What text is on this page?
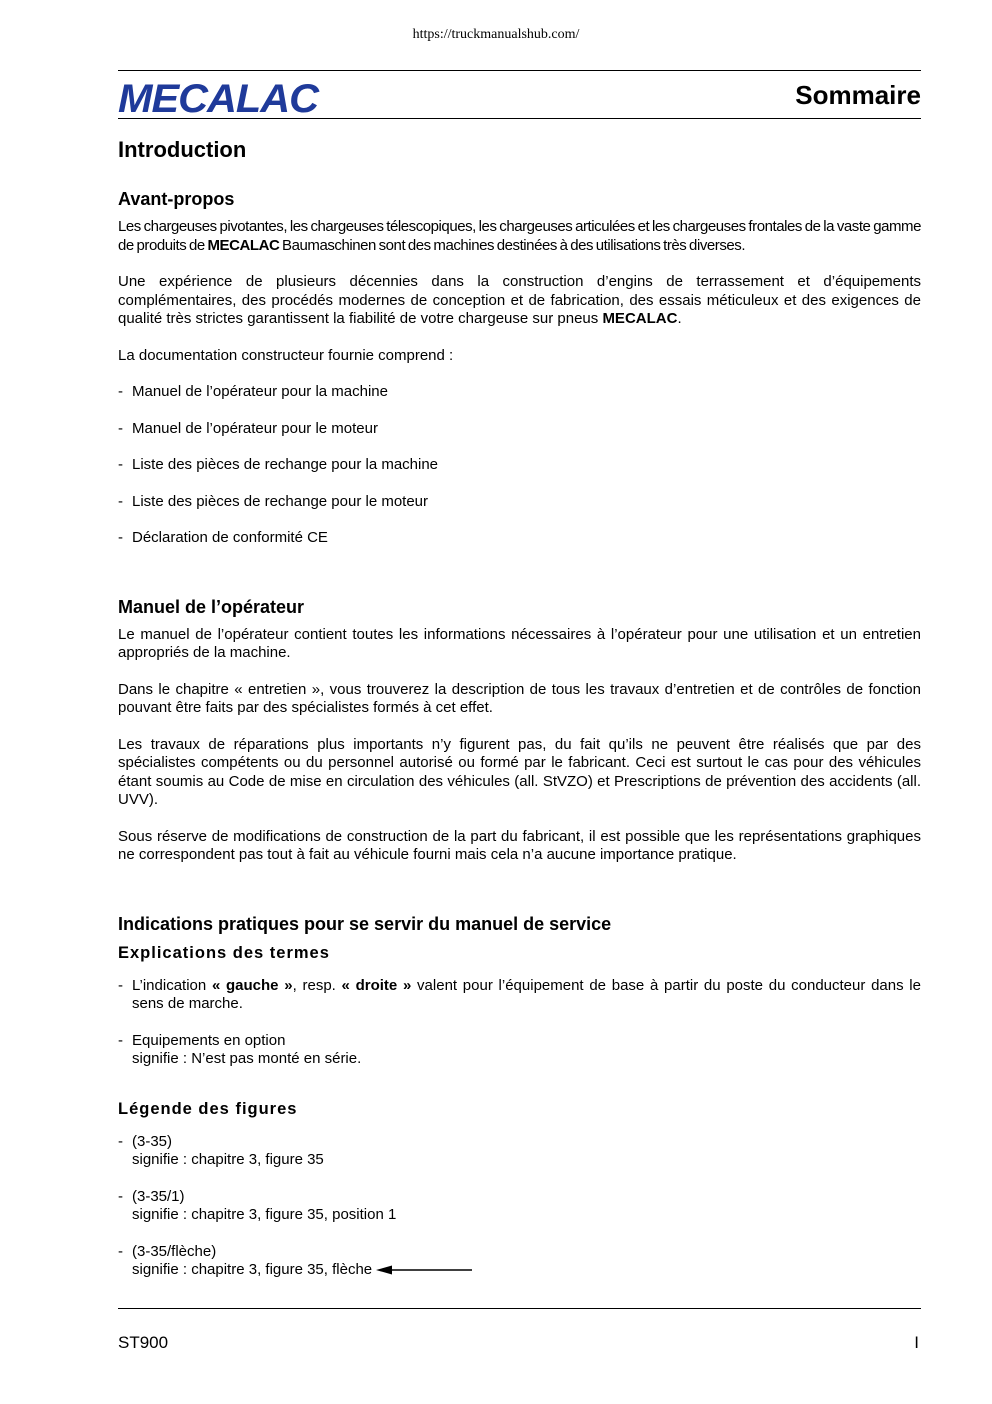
https://truckmanualshub.com/
MECALAC	Sommaire
Introduction
Avant-propos

Les chargeuses pivotantes, les chargeuses télescopiques, les chargeuses articulées et les chargeuses frontales de la vaste gamme de produits de MECALAC Baumaschinen sont des machines destinées à des utilisations très diverses.

Une expérience de plusieurs décennies dans la construction d’engins de terrassement et d’équipements complémentaires, des procédés modernes de conception et de fabrication, des essais méticuleux et des exigences de qualité très strictes garantissent la fiabilité de votre chargeuse sur pneus MECALAC.

La documentation constructeur fournie comprend :

- Manuel de l’opérateur pour la machine
- Manuel de l’opérateur pour le moteur
- Liste des pièces de rechange pour la machine
- Liste des pièces de rechange pour le moteur
- Déclaration de conformité CE
Manuel de l’opérateur

Le manuel de l’opérateur contient toutes les informations nécessaires à l’opérateur pour une utilisation et un entretien appropriés de la machine.

Dans le chapitre « entretien », vous trouverez la description de tous les travaux d’entretien et de contrôles de fonction pouvant être faits par des spécialistes formés à cet effet.

Les travaux de réparations plus importants n’y figurent pas, du fait qu’ils ne peuvent être réalisés que par des spécialistes compétents ou du personnel autorisé ou formé par le fabricant. Ceci est surtout le cas pour des véhicules étant soumis au Code de mise en circulation des véhicules (all. StVZO) et Prescriptions de prévention des accidents (all. UVV).

Sous réserve de modifications de construction de la part du fabricant, il est possible que les représentations graphiques ne correspondent pas tout à fait au véhicule fourni mais cela n’a aucune importance pratique.

Indications pratiques pour se servir du manuel de service
Explications des termes
- L’indication « gauche », resp. « droite » valent pour l’équipement de base à partir du poste du conducteur dans le sens de marche.
- Equipements en option
signifie : N’est pas monté en série.
Légende des figures
- (3-35)
signifie : chapitre 3, figure 35
- (3-35/1)
signifie : chapitre 3, figure 35, position 1
- (3-35/flèche)
signifie : chapitre 3, figure 35, flèche
ST900	I
